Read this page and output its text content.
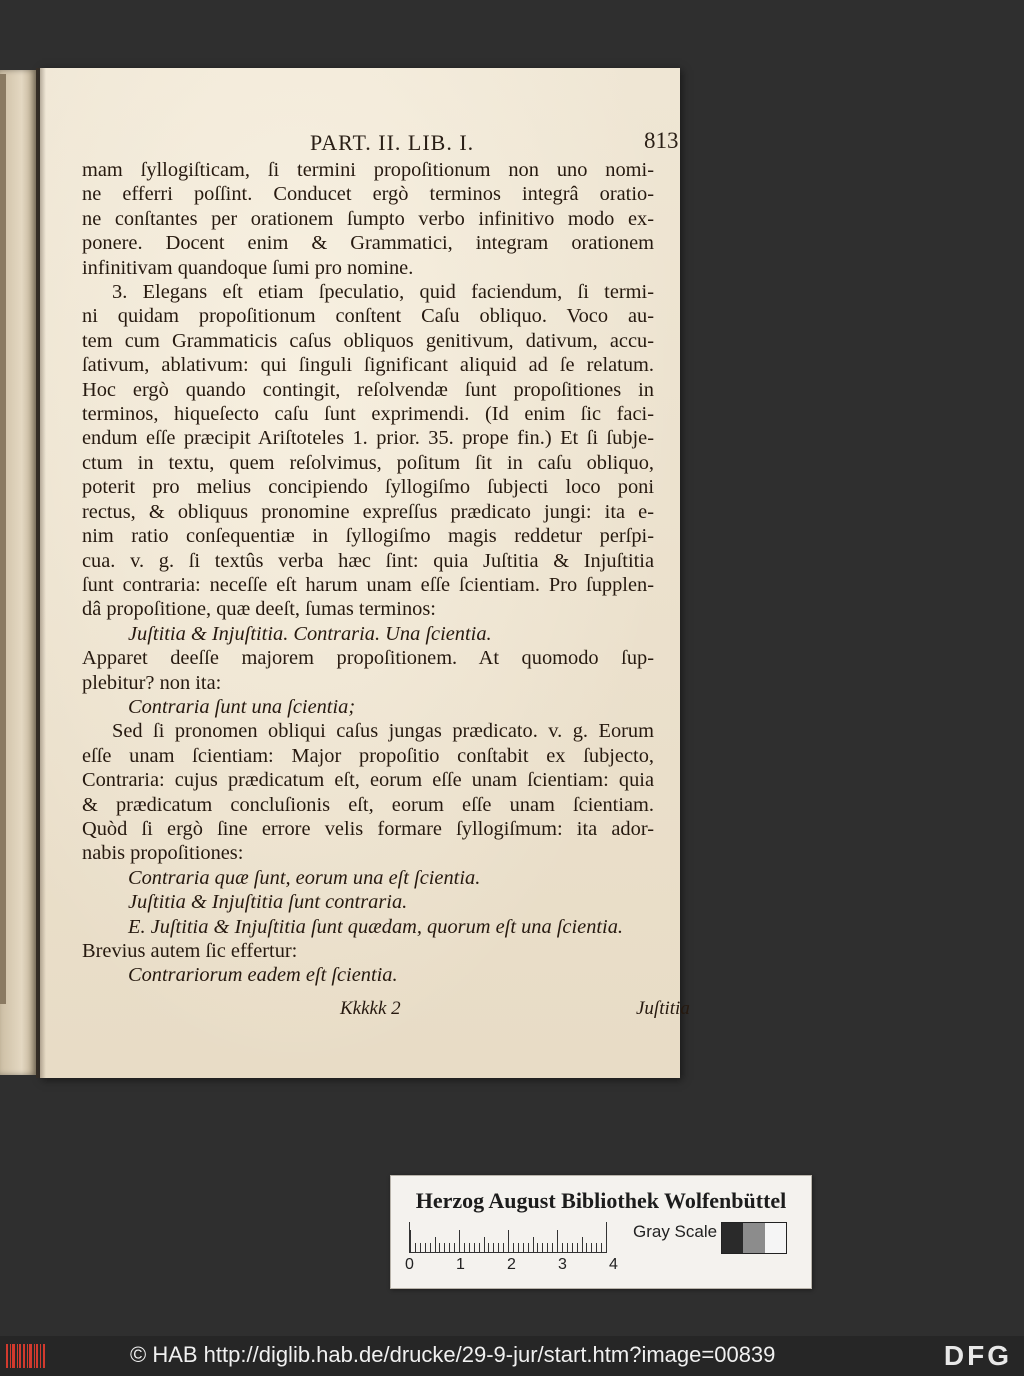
PART. II. LIB. I.	813
mam ſyllogiſticam, ſi termini propoſitionum non uno nomi-
ne efferri poſſint. Conducet ergò terminos integrâ oratio-
ne conſtantes per orationem ſumpto verbo infinitivo modo ex-
ponere. Docent enim & Grammatici, integram orationem
infinitivam quandoque ſumi pro nomine.
3. Elegans eſt etiam ſpeculatio, quid faciendum, ſi termi-
ni quidam propoſitionum conſtent Caſu obliquo. Voco au-
tem cum Grammaticis caſus obliquos genitivum, dativum, accu-
ſativum, ablativum: qui ſinguli ſignificant aliquid ad ſe relatum.
Hoc ergò quando contingit, reſolvendæ ſunt propoſitiones in
terminos, hiqueſecto caſu ſunt exprimendi. (Id enim ſic faci-
endum eſſe præcipit Ariſtoteles 1. prior. 35. prope fin.) Et ſi ſubje-
ctum in textu, quem reſolvimus, poſitum ſit in caſu obliquo,
poterit pro melius concipiendo ſyllogiſmo ſubjecti loco poni
rectus, & obliquus pronomine expreſſus prædicato jungi: ita e-
nim ratio conſequentiæ in ſyllogiſmo magis reddetur perſpi-
cua. v. g. ſi textûs verba hæc ſint: quia Juſtitia & Injuſtitia
ſunt contraria: neceſſe eſt harum unam eſſe ſcientiam. Pro ſupplen-
dâ propoſitione, quæ deeſt, ſumas terminos:
Juſtitia & Injuſtitia. Contraria. Una ſcientia.
Apparet deeſſe majorem propoſitionem. At quomodo ſup-
plebitur? non ita:
Contraria ſunt una ſcientia;
Sed ſi pronomen obliqui caſus jungas prædicato. v. g. Eorum
eſſe unam ſcientiam: Major propoſitio conſtabit ex ſubjecto,
Contraria: cujus prædicatum eſt, eorum eſſe unam ſcientiam: quia
& prædicatum concluſionis eſt, eorum eſſe unam ſcientiam.
Quòd ſi ergò ſine errore velis formare ſyllogiſmum: ita ador-
nabis propoſitiones:
Contraria quæ ſunt, eorum una eſt ſcientia.
Juſtitia & Injuſtitia ſunt contraria.
E. Juſtitia & Injuſtitia ſunt quædam, quorum eſt una ſcientia.
Brevius autem ſic effertur:
Contrariorum eadem eſt ſcientia.
Kkkkk 2	Juſtitia
Herzog August Bibliothek Wolfenbüttel
0	1	2	3	4
Gray Scale
© HAB http://diglib.hab.de/drucke/29-9-jur/start.htm?image=00839	DFG
